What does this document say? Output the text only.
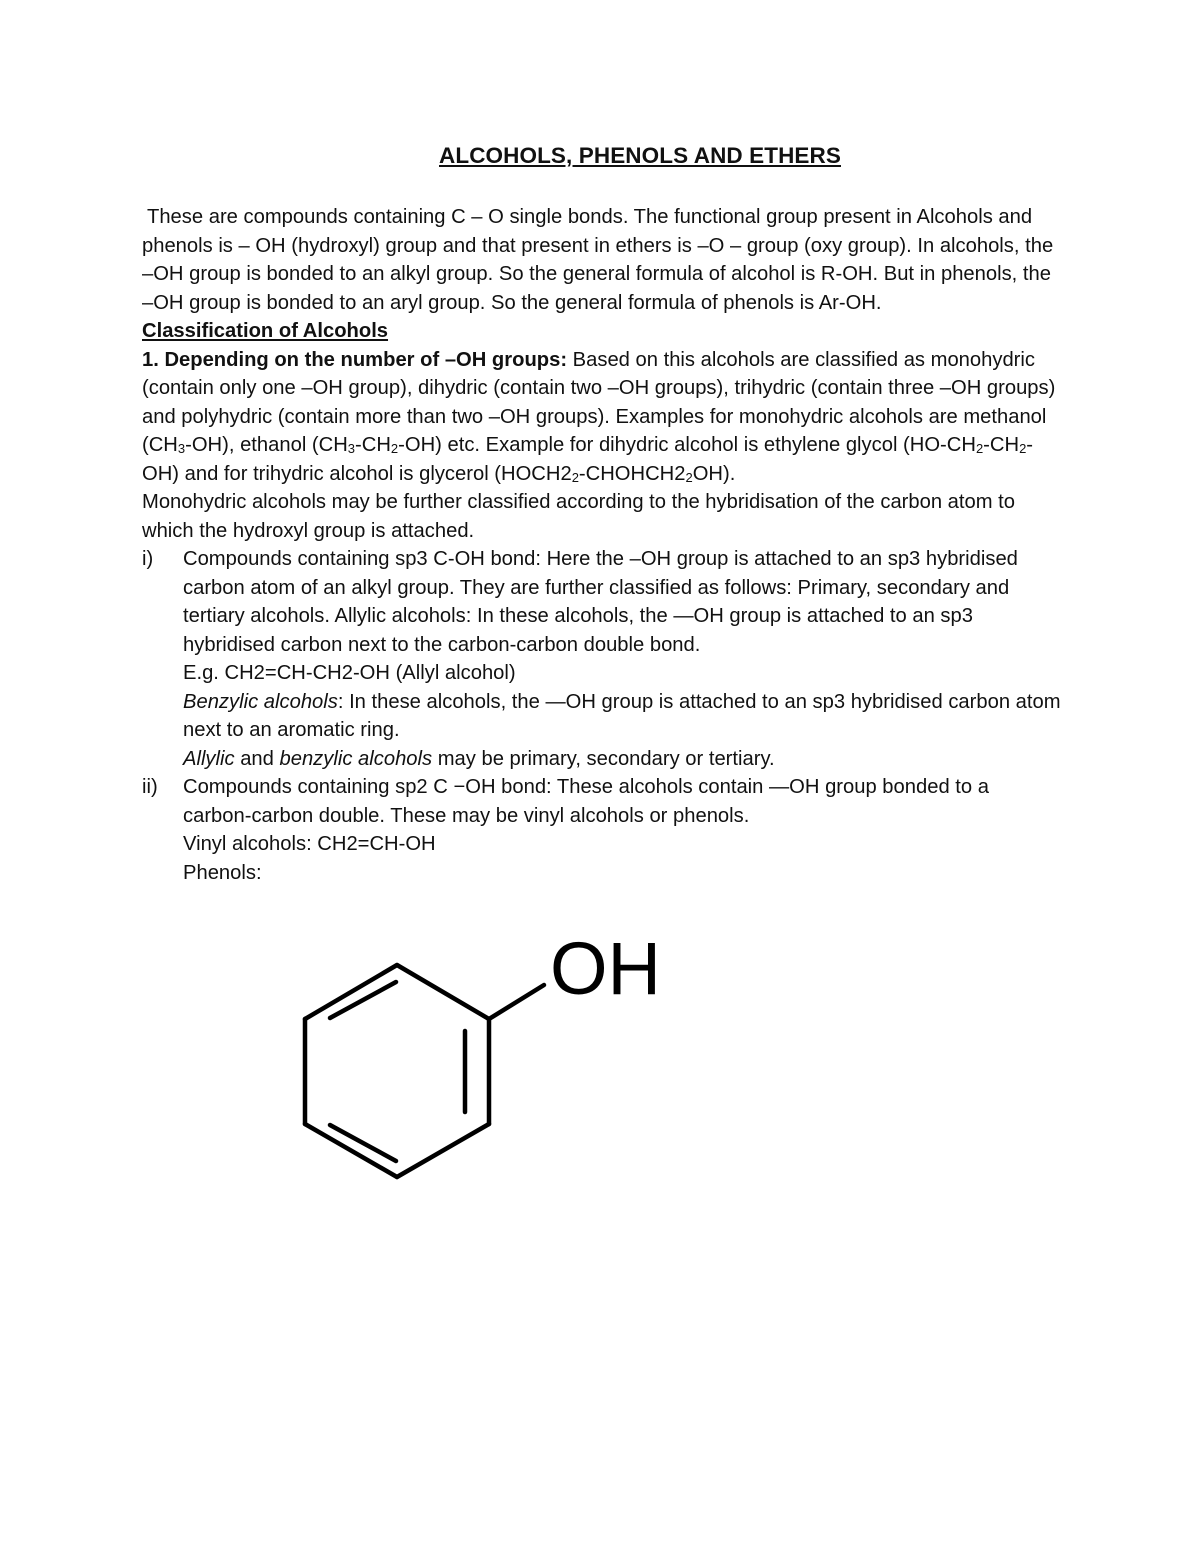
ALCOHOLS, PHENOLS AND ETHERS

These are compounds containing C – O single bonds. The functional group present in Alcohols and phenols is – OH (hydroxyl) group and that present in ethers is –O – group (oxy group). In alcohols, the –OH group is bonded to an alkyl group. So the general formula of alcohol is R-OH. But in phenols, the –OH group is bonded to an aryl group. So the general formula of phenols is Ar-OH.

Classification of Alcohols

1. Depending on the number of –OH groups: Based on this alcohols are classified as monohydric (contain only one –OH group), dihydric (contain two –OH groups), trihydric (contain three –OH groups) and polyhydric (contain more than two –OH groups). Examples for monohydric alcohols are methanol (CH3-OH), ethanol (CH3-CH2-OH) etc. Example for dihydric alcohol is ethylene glycol (HO-CH2-CH2-OH) and for trihydric alcohol is glycerol (HOCH22-CHOHCH22OH).

Monohydric alcohols may be further classified according to the hybridisation of the carbon atom to which the hydroxyl group is attached.

i) Compounds containing sp3 C-OH bond: Here the –OH group is attached to an sp3 hybridised carbon atom of an alkyl group. They are further classified as follows: Primary, secondary and tertiary alcohols. Allylic alcohols: In these alcohols, the —OH group is attached to an sp3 hybridised carbon next to the carbon-carbon double bond.

E.g. CH2=CH-CH2-OH (Allyl alcohol)

Benzylic alcohols: In these alcohols, the —OH group is attached to an sp3 hybridised carbon atom next to an aromatic ring.

Allylic and benzylic alcohols may be primary, secondary or tertiary.

ii) Compounds containing sp2 C −OH bond: These alcohols contain —OH group bonded to a carbon-carbon double. These may be vinyl alcohols or phenols.

Vinyl alcohols: CH2=CH-OH

Phenols:

OH
